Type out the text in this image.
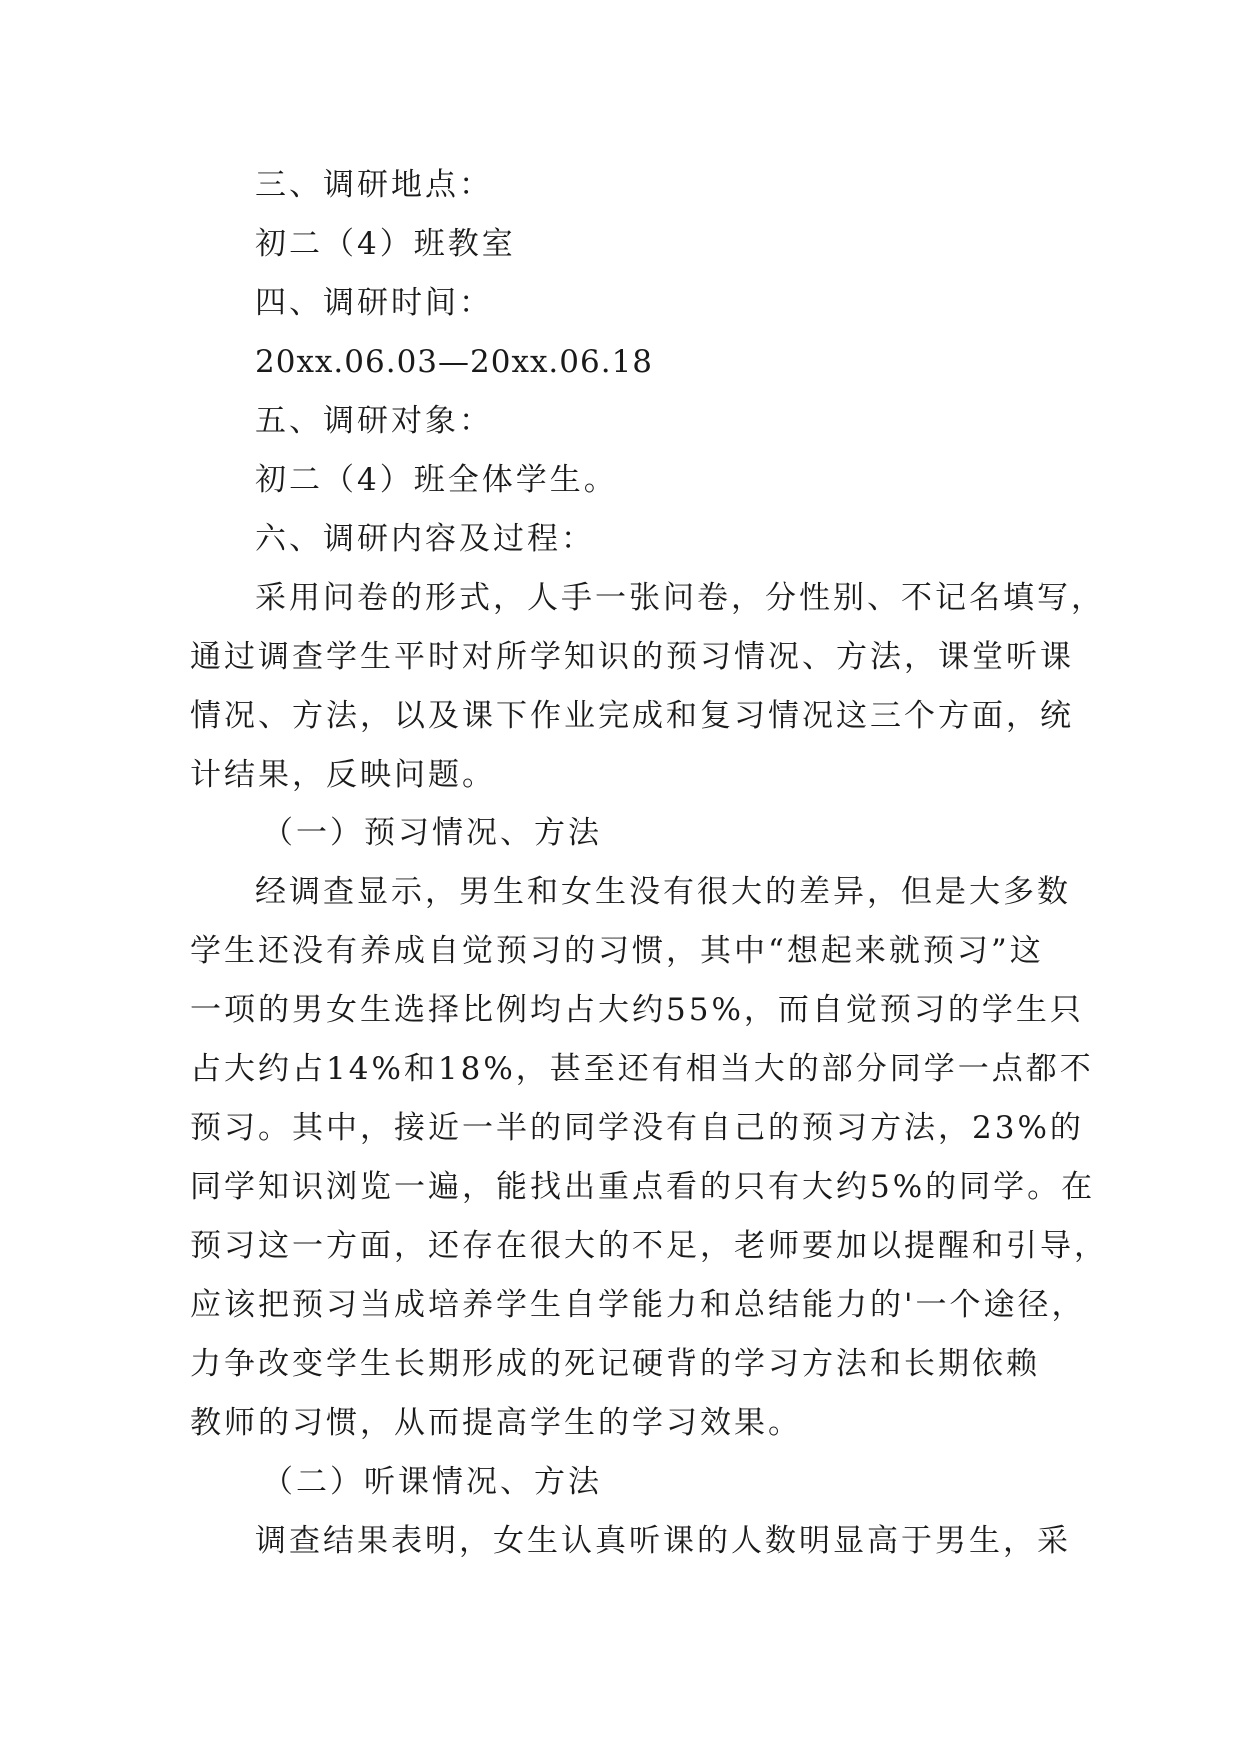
三、调研地点：
初二（4）班教室
四、调研时间：
20xx.06.03—20xx.06.18
五、调研对象：
初二（4）班全体学生。
六、调研内容及过程：
采用问卷的形式，人手一张问卷，分性别、不记名填写，
通过调查学生平时对所学知识的预习情况、方法，课堂听课
情况、方法，以及课下作业完成和复习情况这三个方面，统
计结果，反映问题。
（一）预习情况、方法
经调查显示，男生和女生没有很大的差异，但是大多数
学生还没有养成自觉预习的习惯，其中“想起来就预习”这
一项的男女生选择比例均占大约55%，而自觉预习的学生只
占大约占14%和18%，甚至还有相当大的部分同学一点都不
预习。其中，接近一半的同学没有自己的预习方法，23%的
同学知识浏览一遍，能找出重点看的只有大约5%的同学。在
预习这一方面，还存在很大的不足，老师要加以提醒和引导，
应该把预习当成培养学生自学能力和总结能力的'一个途径，
力争改变学生长期形成的死记硬背的学习方法和长期依赖
教师的习惯，从而提高学生的学习效果。
（二）听课情况、方法
调查结果表明，女生认真听课的人数明显高于男生，采
